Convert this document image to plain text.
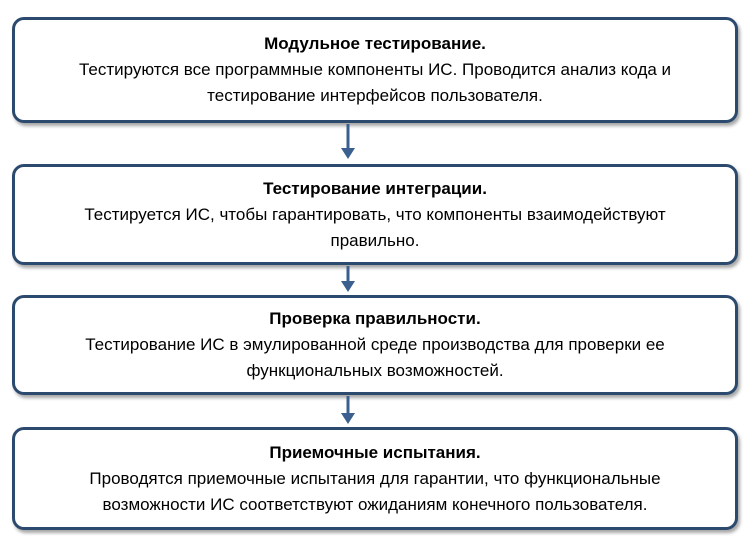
Модульное тестирование.

Тестируются все программные компоненты ИС. Проводится анализ кода и

тестирование интерфейсов пользователя.

Тестирование интеграции.

Тестируется ИС, чтобы гарантировать, что компоненты взаимодействуют

правильно.

Проверка правильности.

Тестирование ИС в эмулированной среде производства для проверки ее

функциональных возможностей.

Приемочные испытания.

Проводятся приемочные испытания для гарантии, что функциональные

возможности ИС соответствуют ожиданиям конечного пользователя.
